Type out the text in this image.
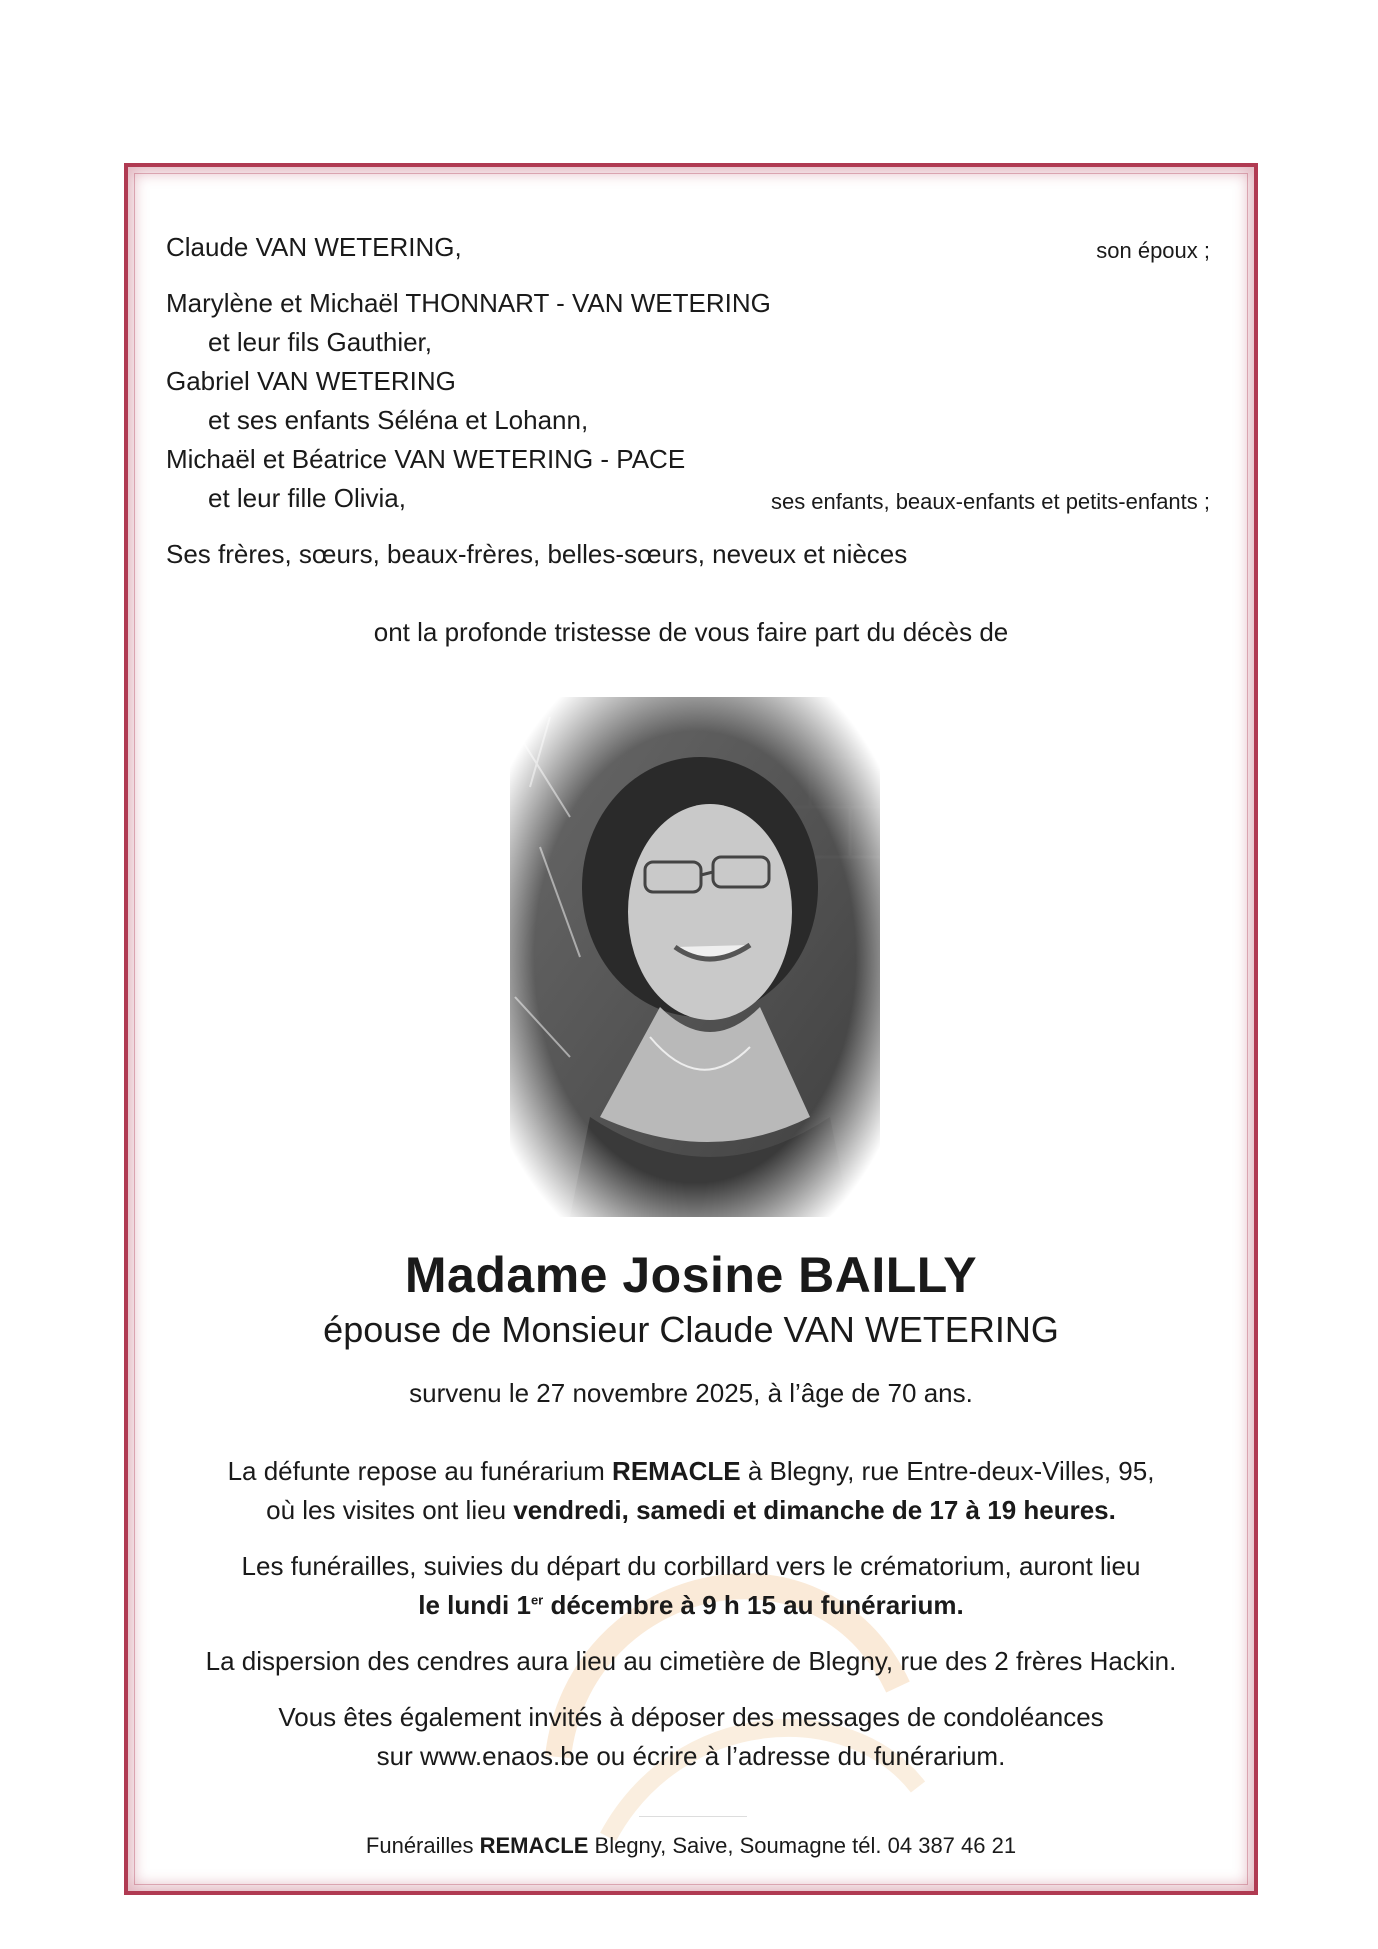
Claude VAN WETERING,	son époux ;
Marylène et Michaël THONNART - VAN WETERING
et leur fils Gauthier,
Gabriel VAN WETERING
et ses enfants Séléna et Lohann,
Michaël et Béatrice VAN WETERING - PACE
et leur fille Olivia,	ses enfants, beaux-enfants et petits-enfants ;
Ses frères, sœurs, beaux-frères, belles-sœurs, neveux et nièces
ont la profonde tristesse de vous faire part du décès de
Madame Josine BAILLY
épouse de Monsieur Claude VAN WETERING
survenu le 27 novembre 2025, à l’âge de 70 ans.
La défunte repose au funérarium REMACLE à Blegny, rue Entre-deux-Villes, 95,
où les visites ont lieu vendredi, samedi et dimanche de 17 à 19 heures.
Les funérailles, suivies du départ du corbillard vers le crématorium, auront lieu
le lundi 1er décembre à 9 h 15 au funérarium.
La dispersion des cendres aura lieu au cimetière de Blegny, rue des 2 frères Hackin.
Vous êtes également invités à déposer des messages de condoléances
sur www.enaos.be ou écrire à l’adresse du funérarium.
Funérailles REMACLE Blegny, Saive, Soumagne tél. 04 387 46 21
